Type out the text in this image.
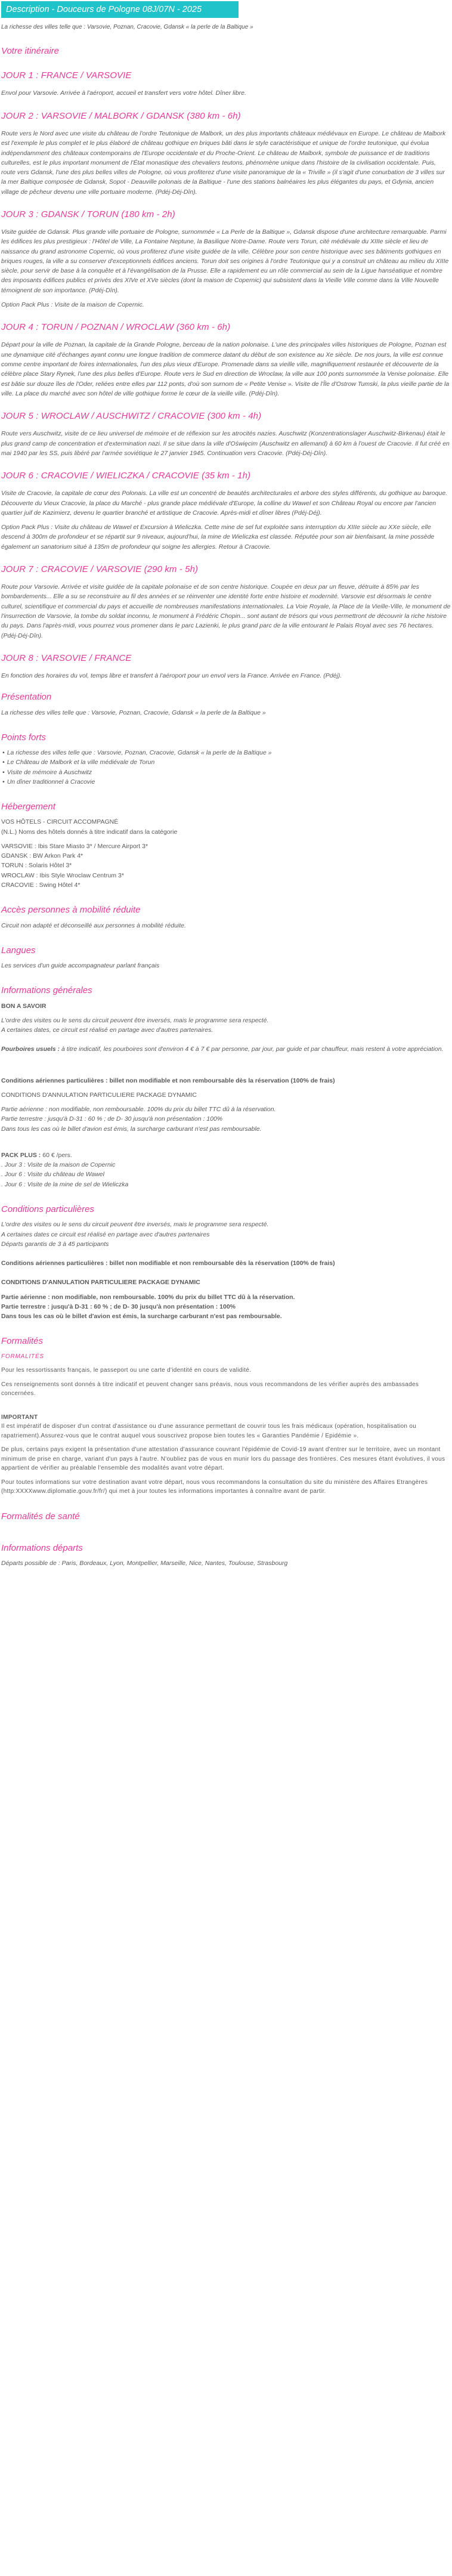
Description - Douceurs de Pologne 08J/07N - 2025

La richesse des villes telle que : Varsovie, Poznan, Cracovie, Gdansk « la perle de la Baltique »

Votre itinéraire
JOUR 1 : FRANCE / VARSOVIE

Envol pour Varsovie. Arrivée à l'aéroport, accueil et transfert vers votre hôtel. Dîner libre.

JOUR 2 : VARSOVIE / MALBORK / GDANSK (380 km - 6h)

Route vers le Nord avec une visite du château de l'ordre Teutonique de Malbork, un des plus importants châteaux médiévaux en Europe. Le château de Malbork est l'exemple le plus complet et le plus élaboré de château gothique en briques bâti dans le style caractéristique et unique de l'ordre teutonique, qui évolua indépendamment des châteaux contemporains de l'Europe occidentale et du Proche-Orient. Le château de Malbork, symbole de puissance et de traditions culturelles, est le plus important monument de l'État monastique des chevaliers teutons, phénomène unique dans l'histoire de la civilisation occidentale. Puis, route vers Gdansk, l'une des plus belles villes de Pologne, où vous profiterez d'une visite panoramique de la « Triville » (il s'agit d'une conurbation de 3 villes sur la mer Baltique composée de Gdansk, Sopot - Deauville polonais de la Baltique - l'une des stations balnéaires les plus élégantes du pays, et Gdynia, ancien village de pêcheur devenu une ville portuaire moderne. (Pdéj-Déj-Dîn).

JOUR 3 : GDANSK / TORUN (180 km - 2h)

Visite guidée de Gdansk. Plus grande ville portuaire de Pologne, surnommée « La Perle de la Baltique », Gdansk dispose d'une architecture remarquable. Parmi les édifices les plus prestigieux : l'Hôtel de Ville, La Fontaine Neptune, la Basilique Notre-Dame. Route vers Torun, cité médiévale du XIIIe siècle et lieu de naissance du grand astronome Copernic, où vous profiterez d'une visite guidée de la ville. Célèbre pour son centre historique avec ses bâtiments gothiques en briques rouges, la ville a su conserver d'exceptionnels édifices anciens. Torun doit ses origines à l'ordre Teutonique qui y a construit un château au milieu du XIIIe siècle, pour servir de base à la conquête et à l'évangélisation de la Prusse. Elle a rapidement eu un rôle commercial au sein de la Ligue hanséatique et nombre des imposants édifices publics et privés des XIVe et XVe siècles (dont la maison de Copernic) qui subsistent dans la Vieille Ville comme dans la Ville Nouvelle témoignent de son importance. (Pdéj-Dîn).

Option Pack Plus : Visite de la maison de Copernic.

JOUR 4 : TORUN / POZNAN / WROCLAW (360 km - 6h)

Départ pour la ville de Poznan, la capitale de la Grande Pologne, berceau de la nation polonaise. L'une des principales villes historiques de Pologne, Poznan est une dynamique cité d'échanges ayant connu une longue tradition de commerce datant du début de son existence au Xe siècle. De nos jours, la ville est connue comme centre important de foires internationales, l'un des plus vieux d'Europe. Promenade dans sa vieille ville, magnifiquement restaurée et découverte de la célèbre place Stary Rynek, l'une des plus belles d'Europe. Route vers le Sud en direction de Wroclaw, la ville aux 100 ponts surnommée la Venise polonaise. Elle est bâtie sur douze îles de l'Oder, reliées entre elles par 112 ponts, d'où son surnom de « Petite Venise ». Visite de l'Île d'Ostrow Tumski, la plus vieille partie de la ville. La place du marché avec son hôtel de ville gothique forme le cœur de la vieille ville. (Pdéj-Dîn).

JOUR 5 : WROCLAW / AUSCHWITZ / CRACOVIE (300 km - 4h)

Route vers Auschwitz, visite de ce lieu universel de mémoire et de réflexion sur les atrocités nazies. Auschwitz (Konzentrationslager Auschwitz-Birkenau) était le plus grand camp de concentration et d'extermination nazi. Il se situe dans la ville d'Oświęcim (Auschwitz en allemand) à 60 km à l'ouest de Cracovie. Il fut créé en mai 1940 par les SS, puis libéré par l'armée soviétique le 27 janvier 1945. Continuation vers Cracovie. (Pdéj-Déj-Dîn).

JOUR 6 : CRACOVIE / WIELICZKA / CRACOVIE (35 km - 1h)

Visite de Cracovie, la capitale de cœur des Polonais. La ville est un concentré de beautés architecturales et arbore des styles différents, du gothique au baroque. Découverte du Vieux Cracovie, la place du Marché - plus grande place médiévale d'Europe, la colline du Wawel et son Château Royal ou encore par l'ancien quartier juif de Kazimierz, devenu le quartier branché et artistique de Cracovie. Après-midi et dîner libres (Pdéj-Déj).

Option Pack Plus : Visite du château de Wawel et Excursion à Wieliczka. Cette mine de sel fut exploitée sans interruption du XIIIe siècle au XXe siècle, elle descend à 300m de profondeur et se répartit sur 9 niveaux, aujourd'hui, la mine de Wieliczka est classée. Réputée pour son air bienfaisant, la mine possède également un sanatorium situé à 135m de profondeur qui soigne les allergies. Retour à Cracovie.

JOUR 7 : CRACOVIE / VARSOVIE (290 km - 5h)

Route pour Varsovie. Arrivée et visite guidée de la capitale polonaise et de son centre historique. Coupée en deux par un fleuve, détruite à 85% par les bombardements... Elle a su se reconstruire au fil des années et se réinventer une identité forte entre histoire et modernité. Varsovie est désormais le centre culturel, scientifique et commercial du pays et accueille de nombreuses manifestations internationales. La Voie Royale, la Place de la Vieille-Ville, le monument de l'insurrection de Varsovie, la tombe du soldat inconnu, le monument à Frédéric Chopin... sont autant de trésors qui vous permettront de découvrir la riche histoire du pays. Dans l'après-midi, vous pourrez vous promener dans le parc Lazienki, le plus grand parc de la ville entourant le Palais Royal avec ses 76 hectares. (Pdéj-Déj-Dîn).

JOUR 8 : VARSOVIE / FRANCE

En fonction des horaires du vol, temps libre et transfert à l'aéroport pour un envol vers la France. Arrivée en France. (Pdéj).

Présentation

La richesse des villes telle que : Varsovie, Poznan, Cracovie, Gdansk « la perle de la Baltique »

Points forts
• La richesse des villes telle que : Varsovie, Poznan, Cracovie, Gdansk « la perle de la Baltique »
• Le Château de Malbork et la ville médiévale de Torun
• Visite de mémoire à Auschwitz
• Un dîner traditionnel à Cracovie
Hébergement
VOS HÔTELS - CIRCUIT ACCOMPAGNÉ
(N.L.) Noms des hôtels donnés à titre indicatif dans la catégorie
VARSOVIE : Ibis Stare Miasto 3* / Mercure Airport 3*
GDANSK : BW Arkon Park 4*
TORUN : Solaris Hôtel 3*
WROCLAW : Ibis Style Wroclaw Centrum 3*
CRACOVIE : Swing Hôtel 4*
Accès personnes à mobilité réduite

Circuit non adapté et déconseillé aux personnes à mobilité réduite.

Langues

Les services d'un guide accompagnateur parlant français

Informations générales
BON A SAVOIR

L'ordre des visites ou le sens du circuit peuvent être inversés, mais le programme sera respecté.

A certaines dates, ce circuit est réalisé en partage avec d'autres partenaires.

Pourboires usuels : à titre indicatif, les pourboires sont d'environ 4 € à 7 € par personne, par jour, par guide et par chauffeur, mais restent à votre appréciation.

Conditions aériennes particulières : billet non modifiable et non remboursable dès la réservation (100% de frais)
CONDITIONS D'ANNULATION PARTICULIERE PACKAGE DYNAMIC
Partie aérienne : non modifiable, non remboursable. 100% du prix du billet TTC dû à la réservation.
Partie terrestre : jusqu'à D-31 : 60 % ; de D- 30 jusqu'à non présentation : 100%
Dans tous les cas où le billet d'avion est émis, la surcharge carburant n'est pas remboursable.
PACK PLUS : 60 € /pers.
. Jour 3 : Visite de la maison de Copernic
. Jour 6 : Visite du château de Wawel
. Jour 6 : Visite de la mine de sel de Wieliczka
Conditions particulières
L'ordre des visites ou le sens du circuit peuvent être inversés, mais le programme sera respecté.
A certaines dates ce circuit est réalisé en partage avec d'autres partenaires
Départs garantis de 3 à 45 participants
Conditions aériennes particulières : billet non modifiable et non remboursable dès la réservation (100% de frais)
CONDITIONS D'ANNULATION PARTICULIERE PACKAGE DYNAMIC
Partie aérienne : non modifiable, non remboursable. 100% du prix du billet TTC dû à la réservation.
Partie terrestre : jusqu'à D-31 : 60 % ; de D- 30 jusqu'à non présentation : 100%
Dans tous les cas où le billet d'avion est émis, la surcharge carburant n'est pas remboursable.
Formalités
FORMALITÉS

Pour les ressortissants français, le passeport ou une carte d'identité en cours de validité.

Ces renseignements sont donnés à titre indicatif et peuvent changer sans préavis, nous vous recommandons de les vérifier auprès des ambassades concernées.

IMPORTANT

Il est impératif de disposer d'un contrat d'assistance ou d'une assurance permettant de couvrir tous les frais médicaux (opération, hospitalisation ou rapatriement).Assurez-vous que le contrat auquel vous souscrivez propose bien toutes les « Garanties Pandémie / Epidémie ».

De plus, certains pays exigent la présentation d'une attestation d'assurance couvrant l'épidémie de Covid-19 avant d'entrer sur le territoire, avec un montant minimum de prise en charge, variant d'un pays à l'autre. N'oubliez pas de vous en munir lors du passage des frontières. Ces mesures étant évolutives, il vous appartient de vérifier au préalable l'ensemble des modalités avant votre départ.

Pour toutes informations sur votre destination avant votre départ, nous vous recommandons la consultation du site du ministère des Affaires Etrangères (http:XXXXwww.diplomatie.gouv.fr/fr/) qui met à jour toutes les informations importantes à connaître avant de partir.

Formalités de santé
Informations départs

Départs possible de : Paris, Bordeaux, Lyon, Montpellier, Marseille, Nice, Nantes, Toulouse, Strasbourg
